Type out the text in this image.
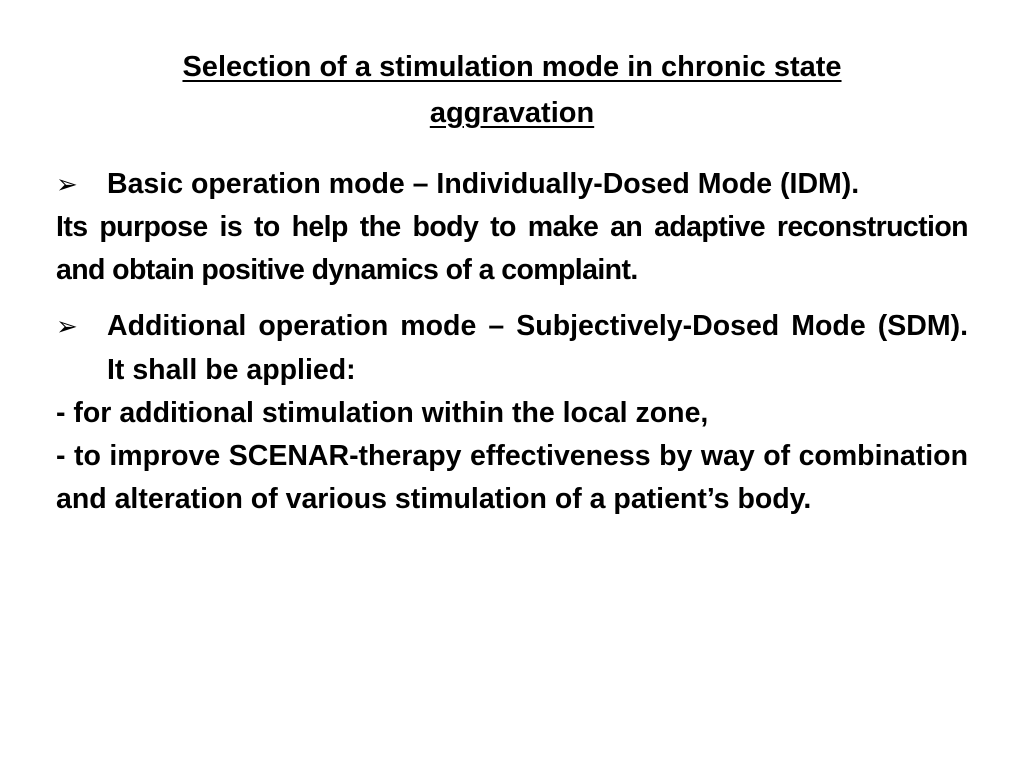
Selection of a stimulation mode in chronic state aggravation

➢ Basic operation mode – Individually-Dosed Mode (IDM).

Its purpose is to help the body to make an adaptive reconstruction and obtain positive dynamics of a complaint.

➢ Additional operation mode – Subjectively-Dosed Mode (SDM). It shall be applied:

- for additional stimulation within the local zone,

- to improve SCENAR-therapy effectiveness by way of combination and alteration of various stimulation of a patient’s body.
